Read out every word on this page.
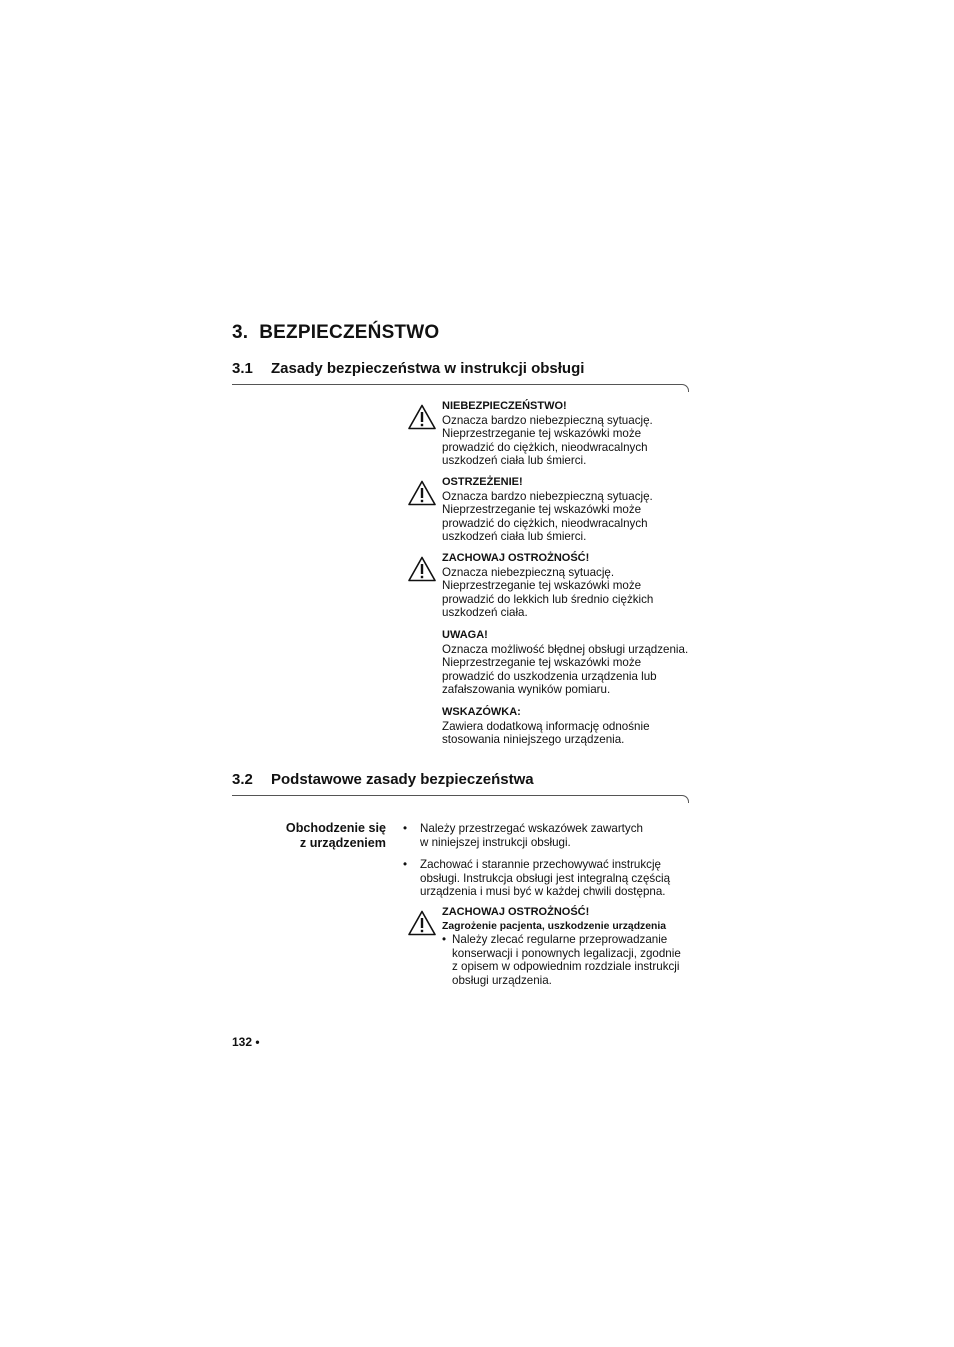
3. BEZPIECZEŃSTWO
3.1 Zasady bezpieczeństwa w instrukcji obsługi
NIEBEZPIECZEŃSTWO!
Oznacza bardzo niebezpieczną sytuację.
Nieprzestrzeganie tej wskazówki może
prowadzić do ciężkich, nieodwracalnych
uszkodzeń ciała lub śmierci.
OSTRZEŻENIE!
Oznacza bardzo niebezpieczną sytuację.
Nieprzestrzeganie tej wskazówki może
prowadzić do ciężkich, nieodwracalnych
uszkodzeń ciała lub śmierci.
ZACHOWAJ OSTROŻNOŚĆ!
Oznacza niebezpieczną sytuację.
Nieprzestrzeganie tej wskazówki może
prowadzić do lekkich lub średnio ciężkich
uszkodzeń ciała.
UWAGA!
Oznacza możliwość błędnej obsługi urządzenia.
Nieprzestrzeganie tej wskazówki może
prowadzić do uszkodzenia urządzenia lub
zafałszowania wyników pomiaru.
WSKAZÓWKA:
Zawiera dodatkową informację odnośnie
stosowania niniejszego urządzenia.
3.2 Podstawowe zasady bezpieczeństwa
Obchodzenie się
z urządzeniem
• Należy przestrzegać wskazówek zawartych
w niniejszej instrukcji obsługi.
• Zachować i starannie przechowywać instrukcję
obsługi. Instrukcja obsługi jest integralną częścią
urządzenia i musi być w każdej chwili dostępna.
ZACHOWAJ OSTROŻNOŚĆ!
Zagrożenie pacjenta, uszkodzenie urządzenia
• Należy zlecać regularne przeprowadzanie
konserwacji i ponownych legalizacji, zgodnie
z opisem w odpowiednim rozdziale instrukcji
obsługi urządzenia.
132 •
